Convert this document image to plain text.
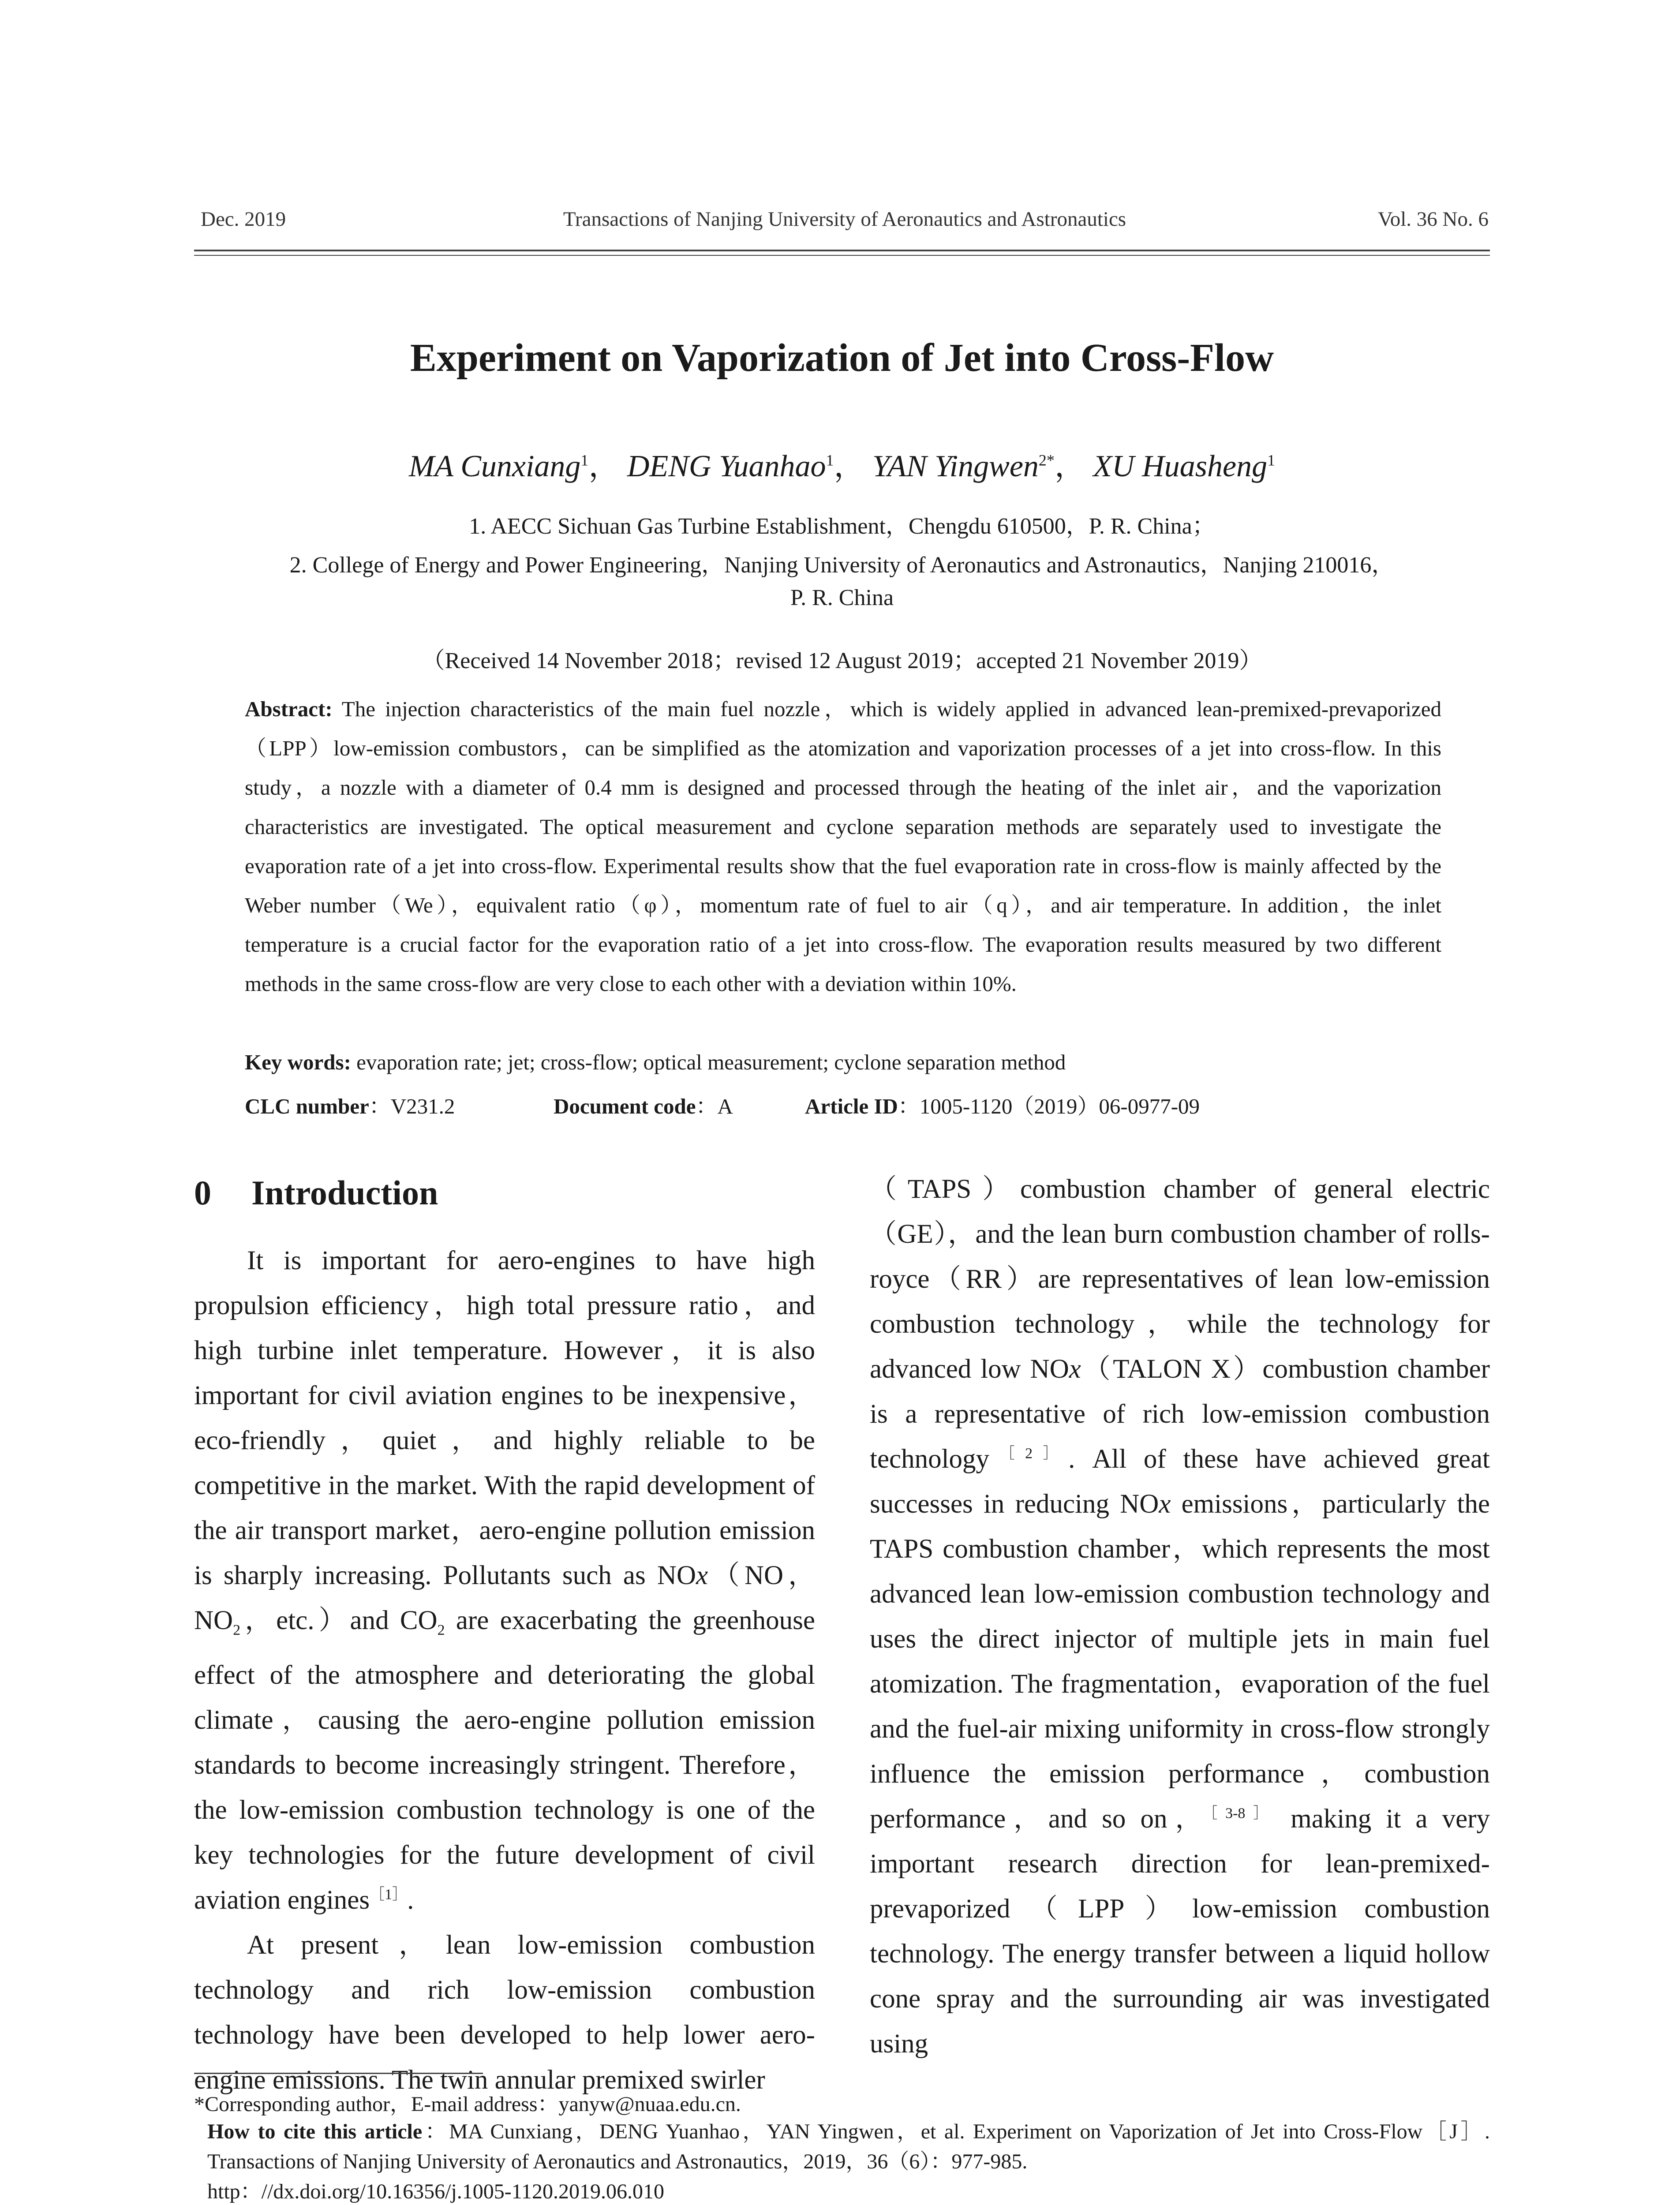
Dec. 2019	Transactions of Nanjing University of Aeronautics and Astronautics	Vol. 36 No. 6
Experiment on Vaporization of Jet into Cross-Flow
MA Cunxiang$^1$， DENG Yuanhao$^1$， YAN Yingwen$^{2*}$， XU Huasheng$^1$
1. AECC Sichuan Gas Turbine Establishment，Chengdu 610500，P. R. China；
2. College of Energy and Power Engineering，Nanjing University of Aeronautics and Astronautics，Nanjing 210016，
P. R. China
（Received 14 November 2018；revised 12 August 2019；accepted 21 November 2019）
Abstract: The injection characteristics of the main fuel nozzle，which is widely applied in advanced lean-premixed-prevaporized（LPP）low-emission combustors，can be simplified as the atomization and vaporization processes of a jet into cross-flow. In this study，a nozzle with a diameter of 0.4 mm is designed and processed through the heating of the inlet air，and the vaporization characteristics are investigated. The optical measurement and cyclone separation methods are separately used to investigate the evaporation rate of a jet into cross-flow. Experimental results show that the fuel evaporation rate in cross-flow is mainly affected by the Weber number（We），equivalent ratio（φ），momentum rate of fuel to air（q），and air temperature. In addition，the inlet temperature is a crucial factor for the evaporation ratio of a jet into cross-flow. The evaporation results measured by two different methods in the same cross-flow are very close to each other with a deviation within 10%.
Key words: evaporation rate; jet; cross-flow; optical measurement; cyclone separation method
CLC number：V231.2	Document code：A	Article ID：1005-1120（2019）06-0977-09
0 Introduction

It is important for aero-engines to have high propulsion efficiency，high total pressure ratio，and high turbine inlet temperature. However，it is also important for civil aviation engines to be inexpensive，eco-friendly，quiet，and highly reliable to be competitive in the market. With the rapid development of the air transport market，aero-engine pollution emission is sharply increasing. Pollutants such as NOx（NO，$NO_2$，etc.）and $CO_2$ are exacerbating the greenhouse effect of the atmosphere and deteriorating the global climate，causing the aero-engine pollution emission standards to become increasingly stringent. Therefore，the low-emission combustion technology is one of the key technologies for the future development of civil aviation engines$^{[1]}$.

At present，lean low-emission combustion technology and rich low-emission combustion technology have been developed to help lower aero-engine emissions. The twin annular premixed swirler

（TAPS）combustion chamber of general electric（GE），and the lean burn combustion chamber of rolls-royce（RR）are representatives of lean low-emission combustion technology，while the technology for advanced low NOx（TALON X）combustion chamber is a representative of rich low-emission combustion technology$^{[2]}$. All of these have achieved great successes in reducing NOx emissions，particularly the TAPS combustion chamber，which represents the most advanced lean low-emission combustion technology and uses the direct injector of multiple jets in main fuel atomization. The fragmentation，evaporation of the fuel and the fuel-air mixing uniformity in cross-flow strongly influence the emission performance，combustion performance，and so on，$^{[3-8]}$ making it a very important research direction for lean-premixed-prevaporized（LPP）low-emission combustion technology. The energy transfer between a liquid hollow cone spray and the surrounding air was investigated using

*Corresponding author，E-mail address：yanyw@nuaa.edu.cn.
How to cite this article：MA Cunxiang，DENG Yuanhao，YAN Yingwen，et al. Experiment on Vaporization of Jet into Cross-Flow［J］. Transactions of Nanjing University of Aeronautics and Astronautics，2019，36（6）：977-985.
http：//dx.doi.org/10.16356/j.1005-1120.2019.06.010
